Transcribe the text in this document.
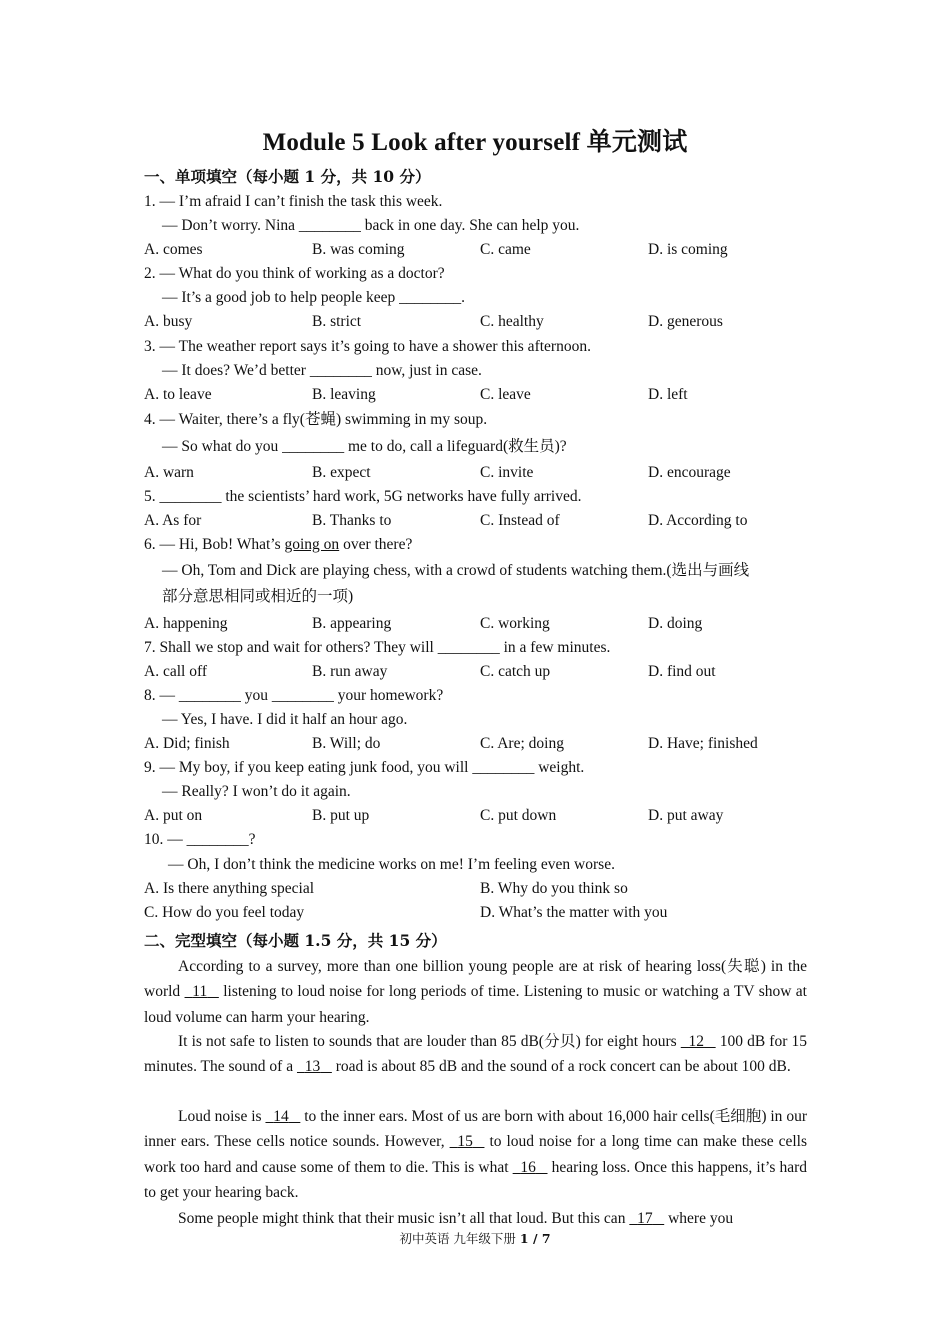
Module 5 Look after yourself 单元测试
一、单项填空（每小题 1 分，共 10 分）
1. — I’m afraid I can’t finish the task this week.
— Don’t worry. Nina ________ back in one day. She can help you.
A. comes	B. was coming	C. came	D. is coming
2. — What do you think of working as a doctor?
— It’s a good job to help people keep ________.
A. busy	B. strict	C. healthy	D. generous
3. — The weather report says it’s going to have a shower this afternoon.
— It does? We’d better ________ now, just in case.
A. to leave	B. leaving	C. leave	D. left
4. — Waiter, there’s a fly(苍蝇) swimming in my soup.
— So what do you ________ me to do, call a lifeguard(救生员)?
A. warn	B. expect	C. invite	D. encourage
5. ________ the scientists’ hard work, 5G networks have fully arrived.
A. As for	B. Thanks to	C. Instead of	D. According to
6. — Hi, Bob! What’s going on over there?
— Oh, Tom and Dick are playing chess, with a crowd of students watching them.(选出与画线
部分意思相同或相近的一项)
A. happening	B. appearing	C. working	D. doing
7. Shall we stop and wait for others? They will ________ in a few minutes.
A. call off	B. run away	C. catch up	D. find out
8. — ________ you ________ your homework?
— Yes, I have. I did it half an hour ago.
A. Did; finish	B. Will; do	C. Are; doing	D. Have; finished
9. — My boy, if you keep eating junk food, you will ________ weight.
— Really? I won’t do it again.
A. put on	B. put up	C. put down	D. put away
10. — ________?
— Oh, I don’t think the medicine works on me! I’m feeling even worse.
A. Is there anything special	B. Why do you think so
C. How do you feel today	D. What’s the matter with you
二、完型填空（每小题 1.5 分，共 15 分）
According to a survey, more than one billion young people are at risk of hearing loss(失聪) in the world   11    listening to loud noise for long periods of time. Listening to music or watching a TV show at loud volume can harm your hearing.
It is not safe to listen to sounds that are louder than 85 dB(分贝) for eight hours   12    100 dB for 15 minutes. The sound of a   13    road is about 85 dB and the sound of a rock concert can be about 100 dB.
Loud noise is   14    to the inner ears. Most of us are born with about 16,000 hair cells(毛细胞) in our inner ears. These cells notice sounds. However,   15    to loud noise for a long time can make these cells work too hard and cause some of them to die. This is what   16    hearing loss. Once this happens, it’s hard to get your hearing back.
Some people might think that their music isn’t all that loud. But this can   17    where you
初中英语 九年级下册 1 / 7
